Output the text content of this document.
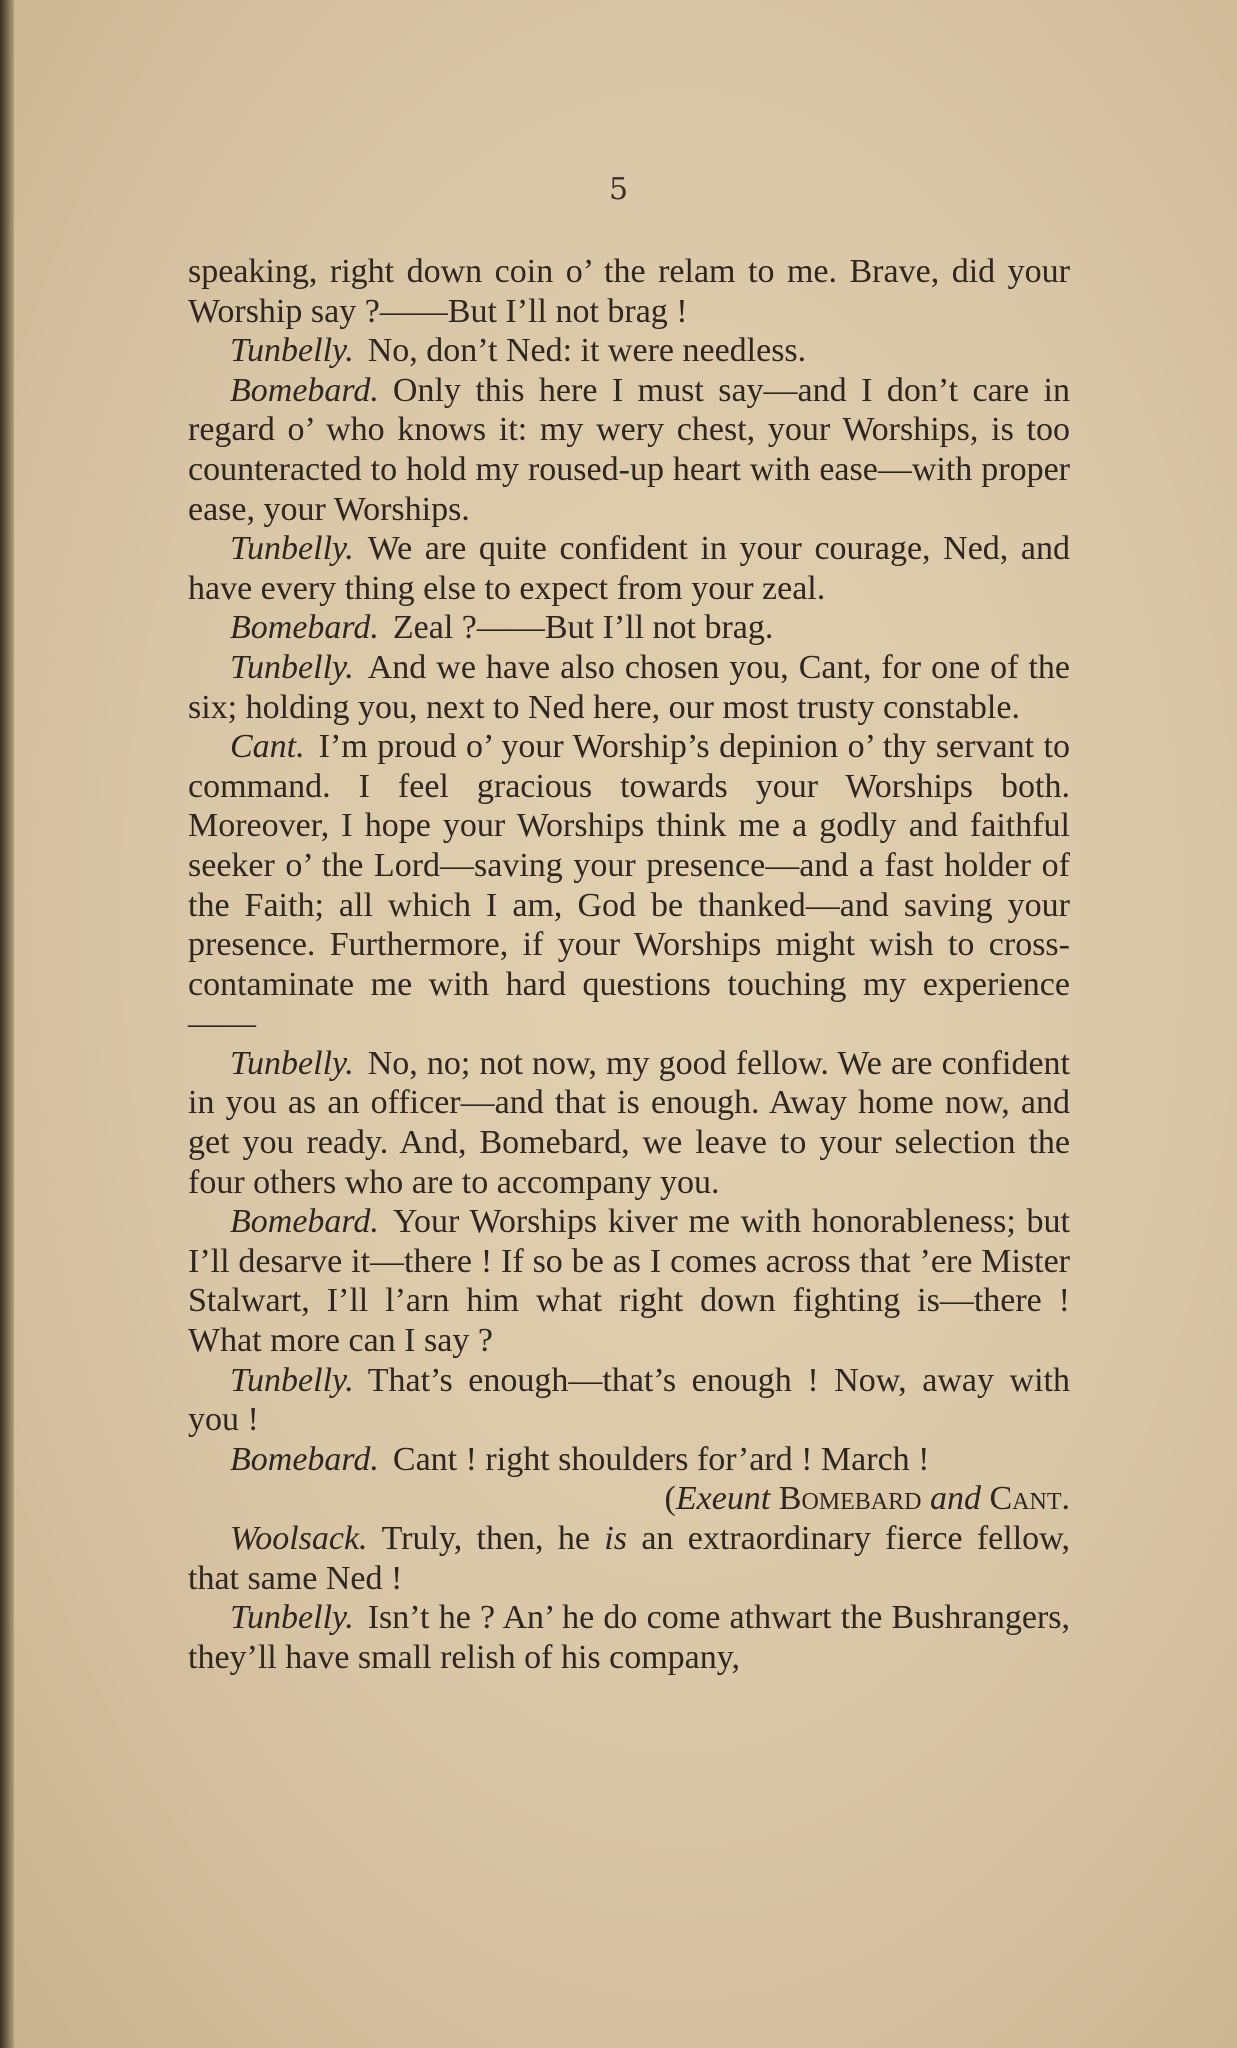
5

speaking, right down coin o’ the relam to me. Brave, did your Worship say ?——But I’ll not brag !

Tunbelly. No, don’t Ned: it were needless.

Bomebard. Only this here I must say—and I don’t care in regard o’ who knows it: my wery chest, your Worships, is too counteracted to hold my roused-up heart with ease—with proper ease, your Worships.

Tunbelly. We are quite confident in your courage, Ned, and have every thing else to expect from your zeal.

Bomebard. Zeal ?——But I’ll not brag.

Tunbelly. And we have also chosen you, Cant, for one of the six; holding you, next to Ned here, our most trusty constable.

Cant. I’m proud o’ your Worship’s depinion o’ thy servant to command. I feel gracious towards your Worships both. Moreover, I hope your Worships think me a godly and faithful seeker o’ the Lord—saving your presence—and a fast holder of the Faith; all which I am, God be thanked—and saving your presence. Furthermore, if your Worships might wish to cross-contaminate me with hard questions touching my experience——

Tunbelly. No, no; not now, my good fellow. We are confident in you as an officer—and that is enough. Away home now, and get you ready. And, Bomebard, we leave to your selection the four others who are to accompany you.

Bomebard. Your Worships kiver me with honorableness; but I’ll desarve it—there ! If so be as I comes across that ’ere Mister Stalwart, I’ll l’arn him what right down fighting is—there ! What more can I say ?

Tunbelly. That’s enough—that’s enough ! Now, away with you !

Bomebard. Cant ! right shoulders for’ard ! March !

(Exeunt Bomebard and Cant.

Woolsack. Truly, then, he is an extraordinary fierce fellow, that same Ned !

Tunbelly. Isn’t he ? An’ he do come athwart the Bushrangers, they’ll have small relish of his company,
